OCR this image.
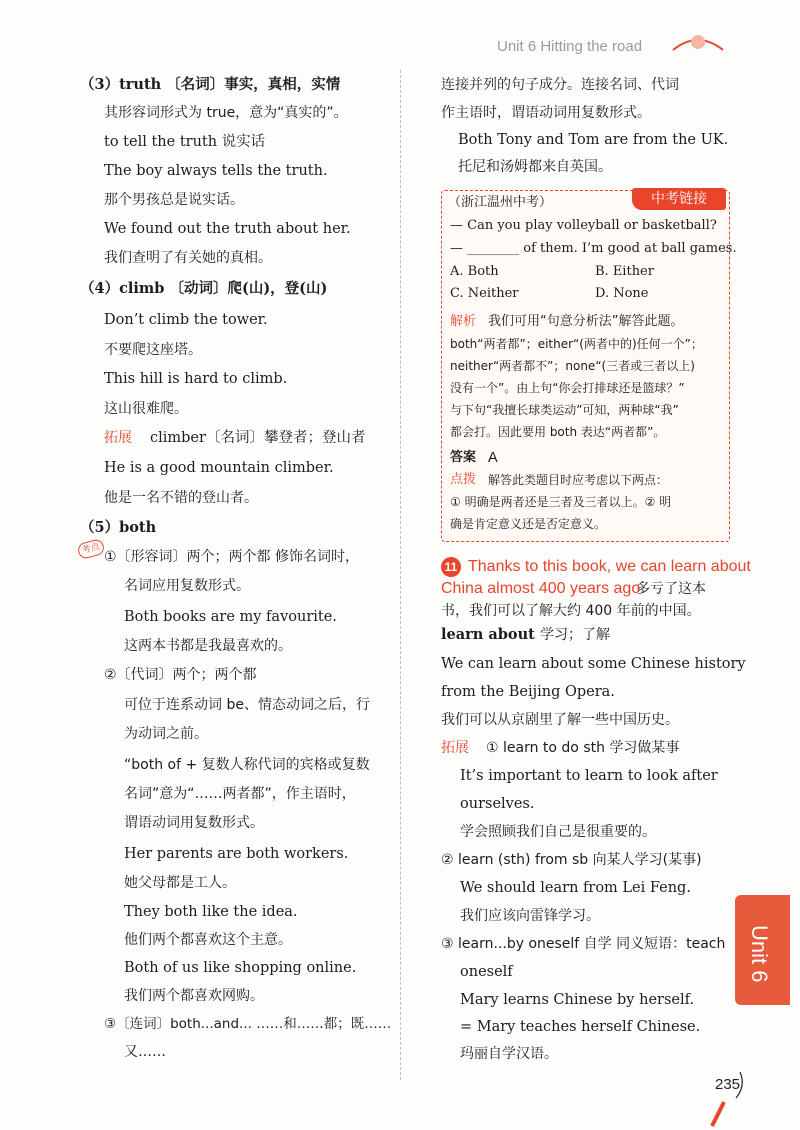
Unit 6 Hitting the road
（3）truth 〔名词〕事实，真相，实情
其形容词形式为 true，意为“真实的”。
to tell the truth 说实话
The boy always tells the truth.
那个男孩总是说实话。
We found out the truth about her.
我们查明了有关她的真相。
（4）climb 〔动词〕爬(山)，登(山)
Don’t climb the tower.
不要爬这座塔。
This hill is hard to climb.
这山很难爬。
拓展 climber〔名词〕攀登者；登山者
He is a good mountain climber.
他是一名不错的登山者。
（5）both
考点 ①〔形容词〕两个；两个都 修饰名词时，
名词应用复数形式。
Both books are my favourite.
这两本书都是我最喜欢的。
②〔代词〕两个；两个都
可位于连系动词 be、情态动词之后，行
为动词之前。
“both of + 复数人称代词的宾格或复数
名词”意为“……两者都”，作主语时，
谓语动词用复数形式。
Her parents are both workers.
她父母都是工人。
They both like the idea.
他们两个都喜欢这个主意。
Both of us like shopping online.
我们两个都喜欢网购。
③〔连词〕both...and... ……和……都；既……
又……
连接并列的句子成分。连接名词、代词
作主语时，谓语动词用复数形式。
Both Tony and Tom are from the UK.
托尼和汤姆都来自英国。
中考链接
（浙江温州中考）
— Can you play volleyball or basketball?
— ________ of them. I’m good at ball games.
A. Both	B. Either
C. Neither	D. None
解析 我们可用“句意分析法”解答此题。
both“两者都”；either“(两者中的)任何一个”；
neither“两者都不”；none“(三者或三者以上)
没有一个”。由上句“你会打排球还是篮球？”
与下句“我擅长球类运动”可知，两种球“我”
都会打。因此要用 both 表达“两者都”。
答案 A
点拨 解答此类题目时应考虑以下两点：
① 明确是两者还是三者及三者以上。② 明
确是肯定意义还是否定意义。
11 Thanks to this book, we can learn about
China almost 400 years ago.
多亏了这本
书，我们可以了解大约 400 年前的中国。
learn about 学习；了解
We can learn about some Chinese history
from the Beijing Opera.
我们可以从京剧里了解一些中国历史。
拓展 ① learn to do sth 学习做某事
It’s important to learn to look after
ourselves.
学会照顾我们自己是很重要的。
② learn (sth) from sb 向某人学习(某事)
We should learn from Lei Feng.
我们应该向雷锋学习。
③ learn...by oneself 自学 同义短语：teach
oneself
Mary learns Chinese by herself.
= Mary teaches herself Chinese.
玛丽自学汉语。
Unit 6
235
